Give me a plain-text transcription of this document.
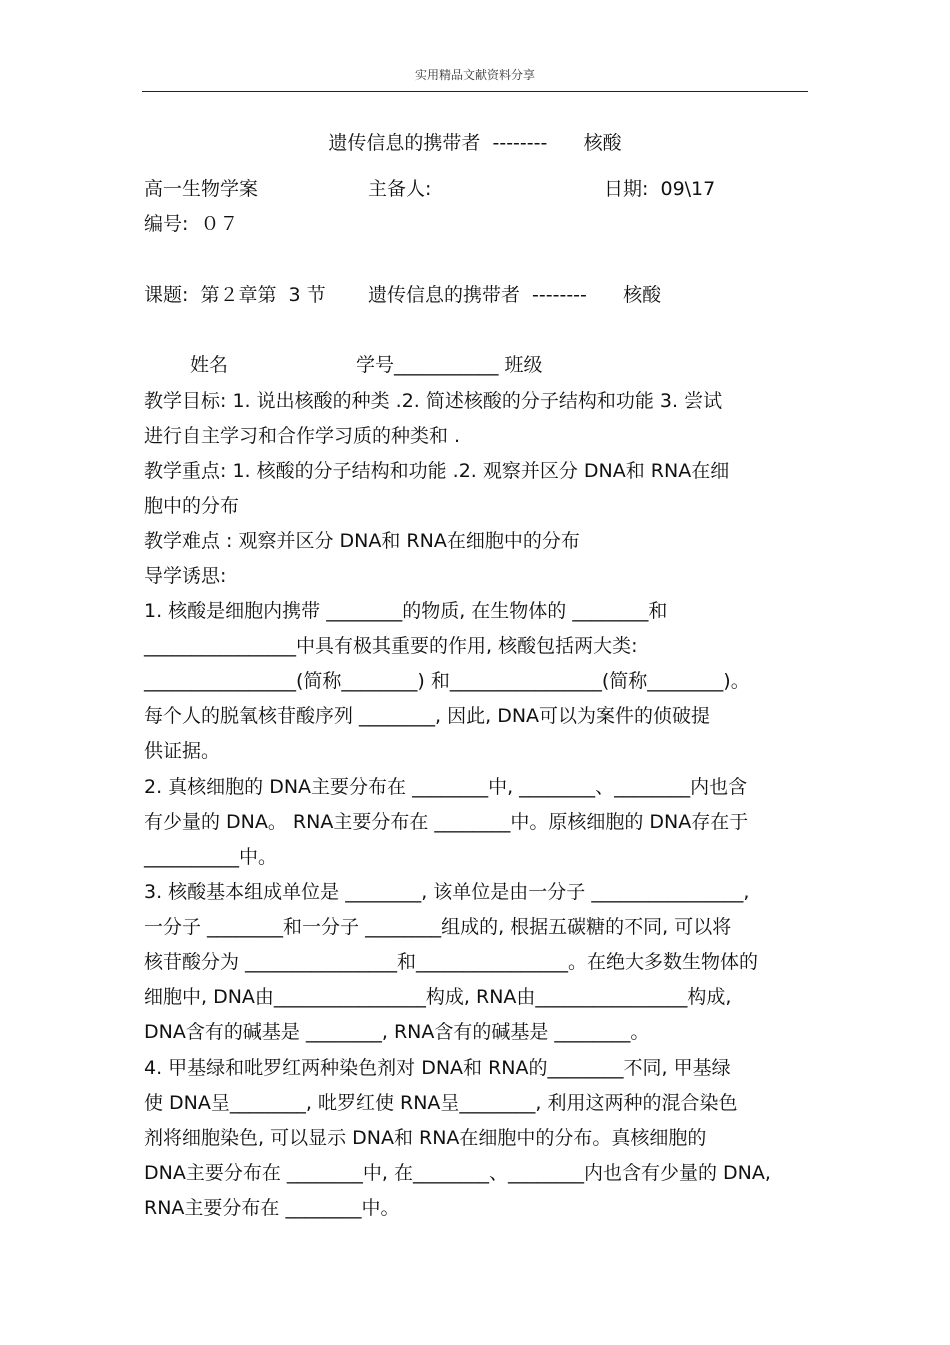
实用精品文献资料分享
遗传信息的携带者  --------      核酸
高一生物学案	主备人:	日期:  09\17
编号:  ０７
课题:  第２章第  3 节       遗传信息的携带者  --------      核酸
姓名	学号___________ 班级
教学目标: 1. 说出核酸的种类 .2. 简述核酸的分子结构和功能 3. 尝试
进行自主学习和合作学习质的种类和 .
教学重点: 1. 核酸的分子结构和功能 .2. 观察并区分 DNA和 RNA在细
胞中的分布
教学难点 : 观察并区分 DNA和 RNA在细胞中的分布
导学诱思:
1. 核酸是细胞内携带 ________的物质, 在生物体的 ________和
________________中具有极其重要的作用, 核酸包括两大类:
________________(简称________) 和________________(简称________)。
每个人的脱氧核苷酸序列 ________, 因此, DNA可以为案件的侦破提
供证据。
2. 真核细胞的 DNA主要分布在 ________中, ________、________内也含
有少量的 DNA。 RNA主要分布在 ________中。原核细胞的 DNA存在于
__________中。
3. 核酸基本组成单位是 ________, 该单位是由一分子 ________________,
一分子 ________和一分子 ________组成的, 根据五碳糖的不同, 可以将
核苷酸分为 ________________和________________。在绝大多数生物体的
细胞中, DNA由________________构成, RNA由________________构成,
DNA含有的碱基是 ________, RNA含有的碱基是 ________。
4. 甲基绿和吡罗红两种染色剂对 DNA和 RNA的________不同, 甲基绿
使 DNA呈________, 吡罗红使 RNA呈________, 利用这两种的混合染色
剂将细胞染色, 可以显示 DNA和 RNA在细胞中的分布。真核细胞的
DNA主要分布在 ________中, 在________、________内也含有少量的 DNA,
RNA主要分布在 ________中。
